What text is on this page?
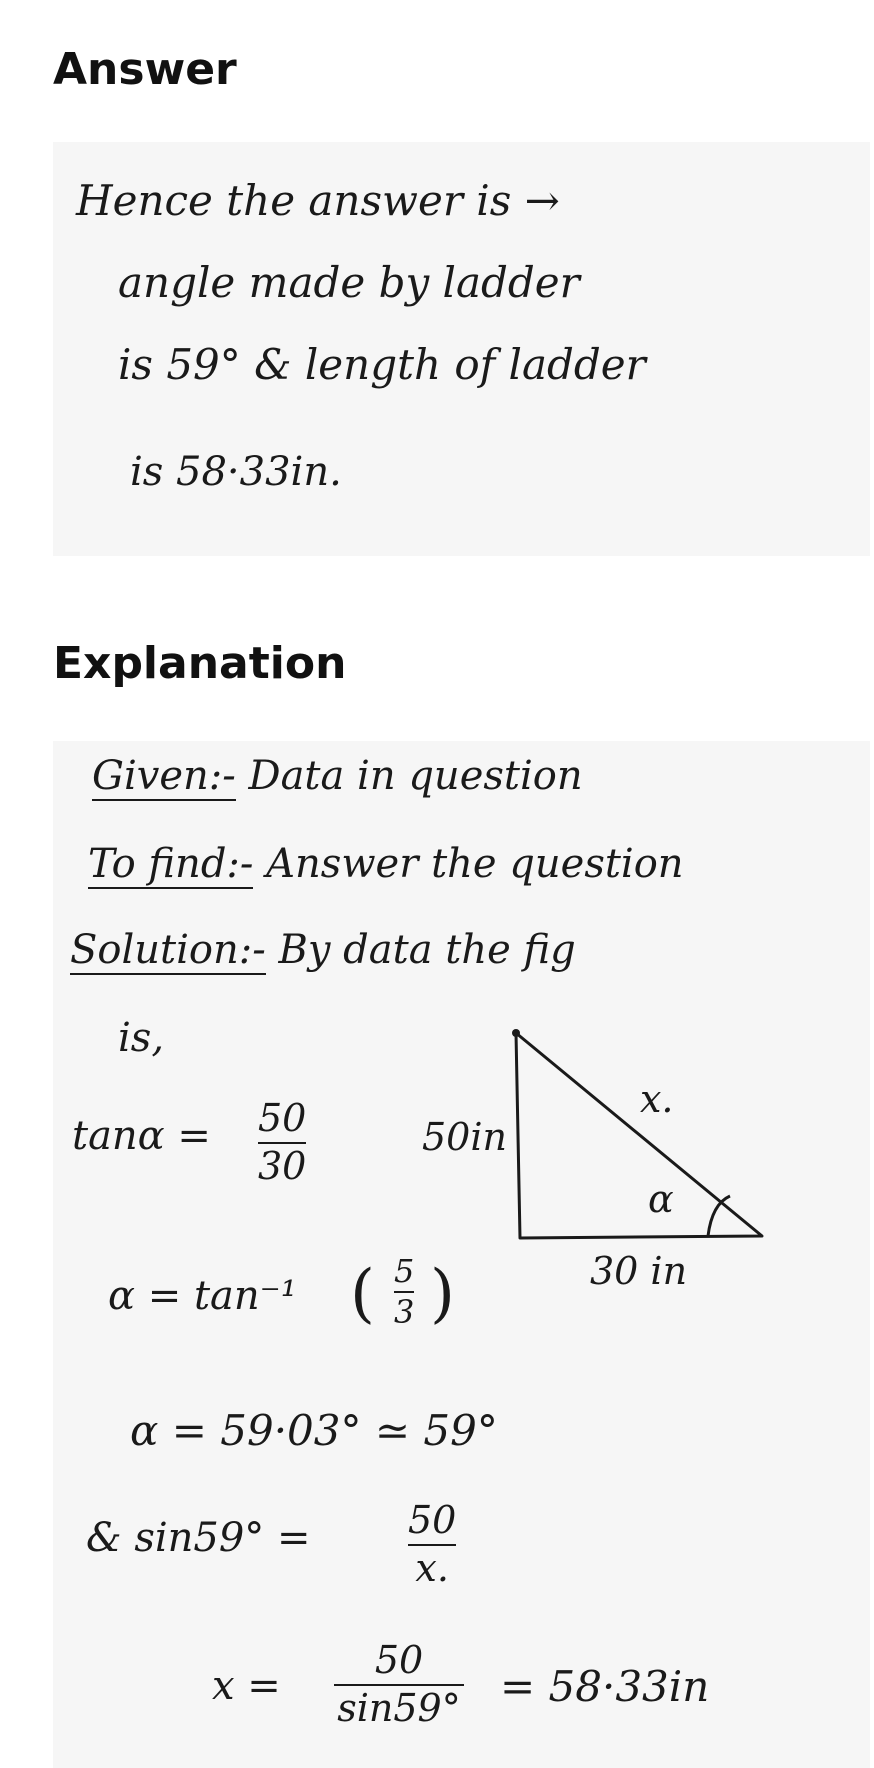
Answer
Hence the answer is →
angle made by ladder
is 59° & length of ladder
is 58·33in.
Explanation
Given:- Data in question
To find:- Answer the question
Solution:- By data the fig
is,
50in
x.
α
30 in
tanα = 50
30
α = tan⁻¹ ( 5
3 )
α = 59·03° ≃ 59°
& sin59° =	50
x.
x =
50
sin59° = 58·33in
